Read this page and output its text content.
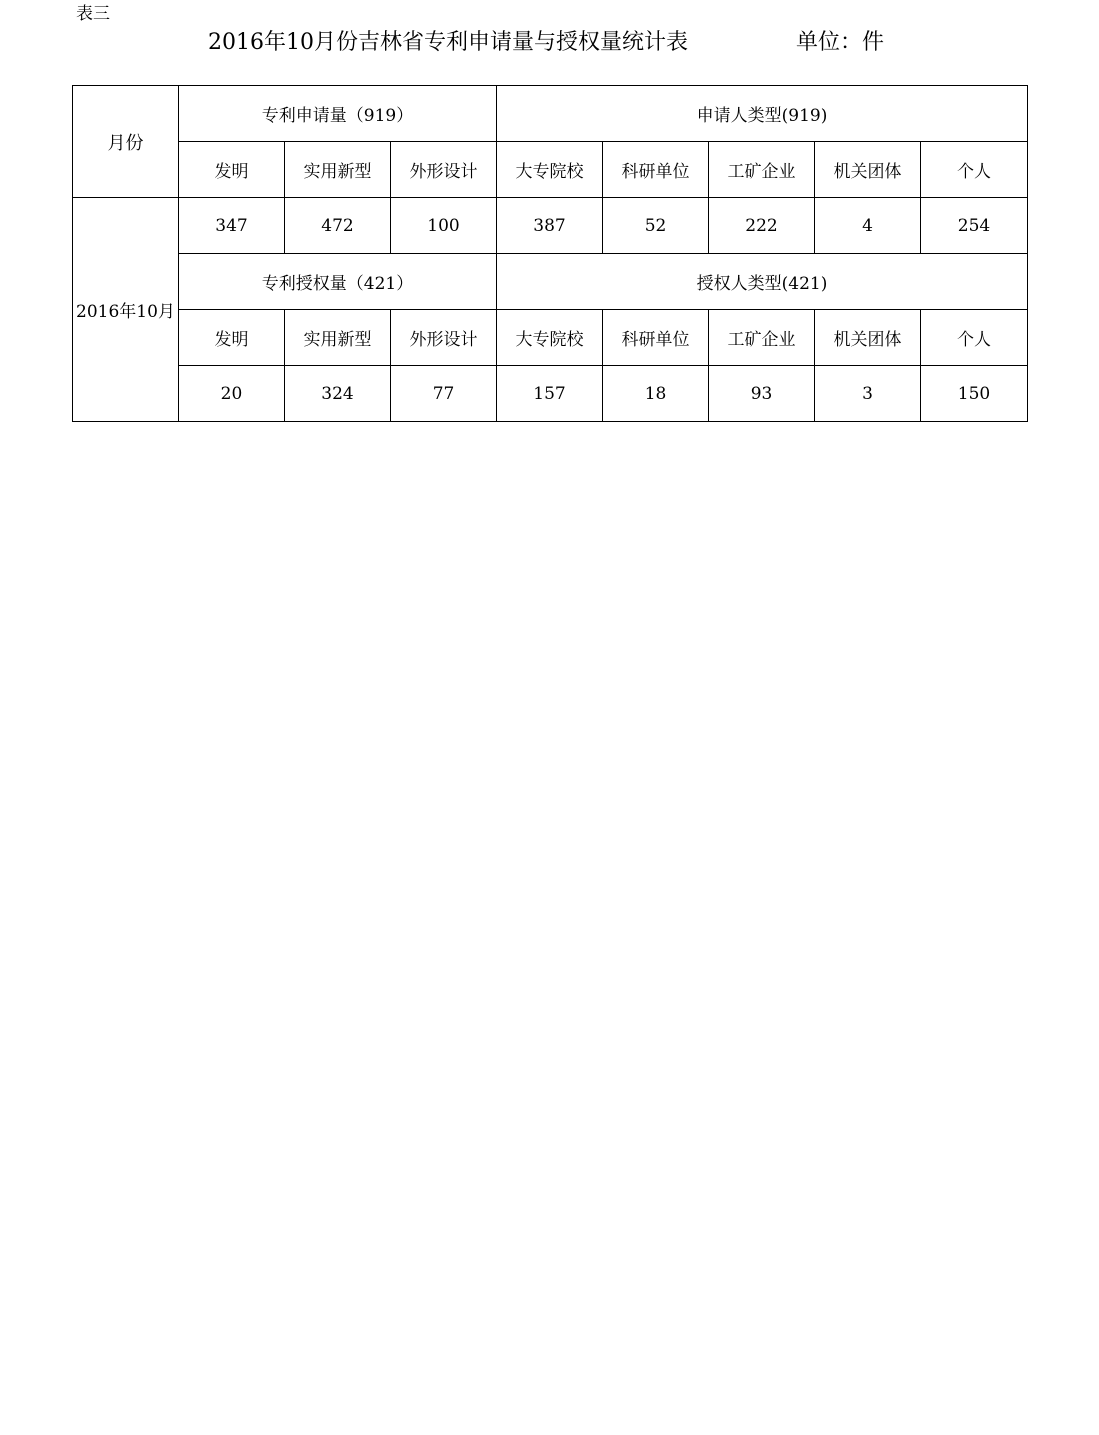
表三
2016年10月份吉林省专利申请量与授权量统计表	单位：件
月份	专利申请量（919）			申请人类型(919)				
	发明	实用新型	外形设计	大专院校	科研单位	工矿企业	机关团体	个人
2016年10月	347	472	100	387	52	222	4	254
	专利授权量（421）			授权人类型(421)				
	发明	实用新型	外形设计	大专院校	科研单位	工矿企业	机关团体	个人
	20	324	77	157	18	93	3	150
